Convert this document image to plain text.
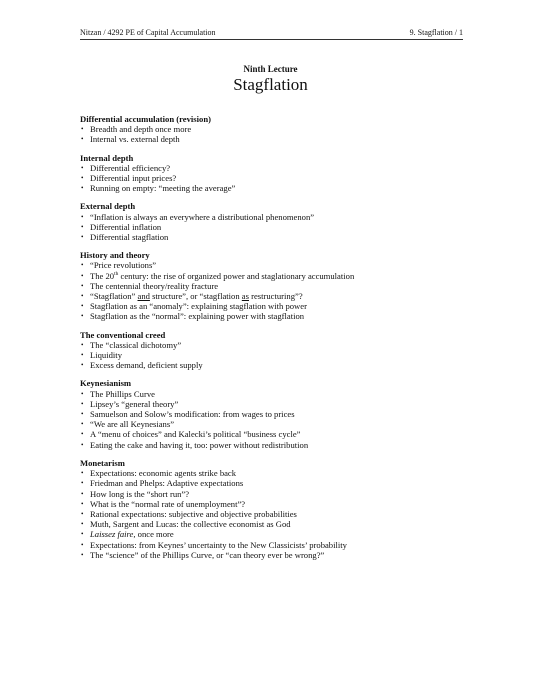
Nitzan / 4292 PE of Capital Accumulation	9. Stagflation / 1
Ninth Lecture
Stagflation
Differential accumulation (revision)
• Breadth and depth once more
• Internal vs. external depth
Internal depth
• Differential efficiency?
• Differential input prices?
• Running on empty: “meeting the average”
External depth
• “Inflation is always an everywhere a distributional phenomenon”
• Differential inflation
• Differential stagflation
History and theory
• “Price revolutions”
• The 20th century: the rise of organized power and staglationary accumulation
• The centennial theory/reality fracture
• “Stagflation” and structure”, or “stagflation as restructuring”?
• Stagflation as an “anomaly”: explaining stagflation with power
• Stagflation as the “normal”: explaining power with stagflation
The conventional creed
• The “classical dichotomy”
• Liquidity
• Excess demand, deficient supply
Keynesianism
• The Phillips Curve
• Lipsey’s “general theory”
• Samuelson and Solow’s modification: from wages to prices
• “We are all Keynesians”
• A “menu of choices” and Kalecki’s political “business cycle”
• Eating the cake and having it, too: power without redistribution
Monetarism
• Expectations: economic agents strike back
• Friedman and Phelps: Adaptive expectations
• How long is the “short run”?
• What is the “normal rate of unemployment”?
• Rational expectations: subjective and objective probabilities
• Muth, Sargent and Lucas: the collective economist as God
• Laissez faire, once more
• Expectations: from Keynes’ uncertainty to the New Classicists’ probability
• The “science” of the Phillips Curve, or “can theory ever be wrong?”
